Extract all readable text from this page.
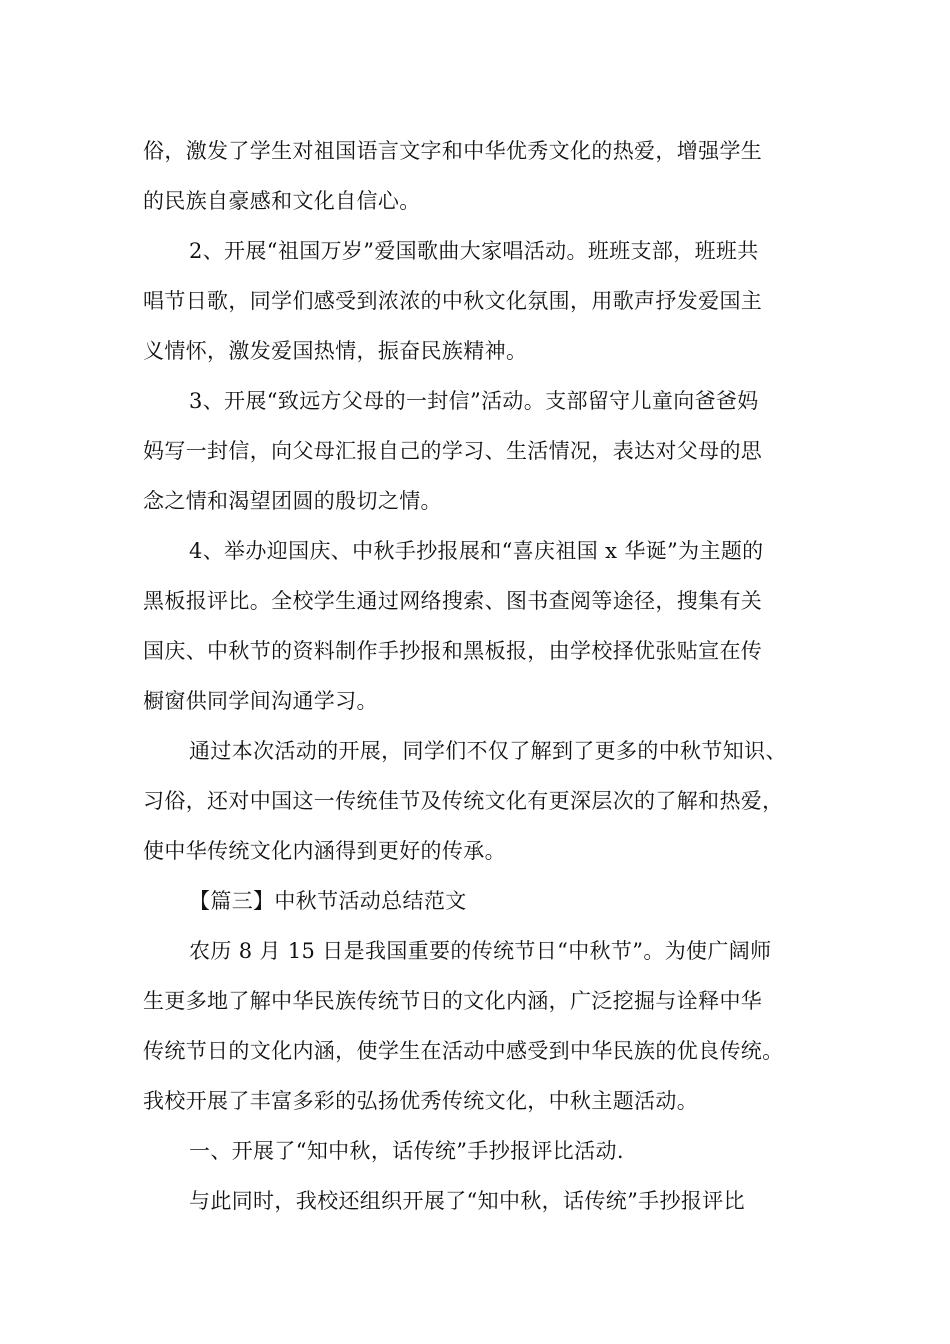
俗，激发了学生对祖国语言文字和中华优秀文化的热爱，增强学生
的民族自豪感和文化自信心。
2、开展“祖国万岁”爱国歌曲大家唱活动。班班支部，班班共
唱节日歌，同学们感受到浓浓的中秋文化氛围，用歌声抒发爱国主
义情怀，激发爱国热情，振奋民族精神。
3、开展“致远方父母的一封信”活动。支部留守儿童向爸爸妈
妈写一封信，向父母汇报自己的学习、生活情况，表达对父母的思
念之情和渴望团圆的殷切之情。
4、举办迎国庆、中秋手抄报展和“喜庆祖国 x 华诞”为主题的
黑板报评比。全校学生通过网络搜索、图书查阅等途径，搜集有关
国庆、中秋节的资料制作手抄报和黑板报，由学校择优张贴宣在传
橱窗供同学间沟通学习。
通过本次活动的开展，同学们不仅了解到了更多的中秋节知识、
习俗，还对中国这一传统佳节及传统文化有更深层次的了解和热爱，
使中华传统文化内涵得到更好的传承。
【篇三】中秋节活动总结范文
农历 8 月 15 日是我国重要的传统节日“中秋节”。为使广阔师
生更多地了解中华民族传统节日的文化内涵，广泛挖掘与诠释中华
传统节日的文化内涵，使学生在活动中感受到中华民族的优良传统。
我校开展了丰富多彩的弘扬优秀传统文化，中秋主题活动。
一、开展了“知中秋，话传统”手抄报评比活动.
与此同时，我校还组织开展了“知中秋，话传统”手抄报评比
